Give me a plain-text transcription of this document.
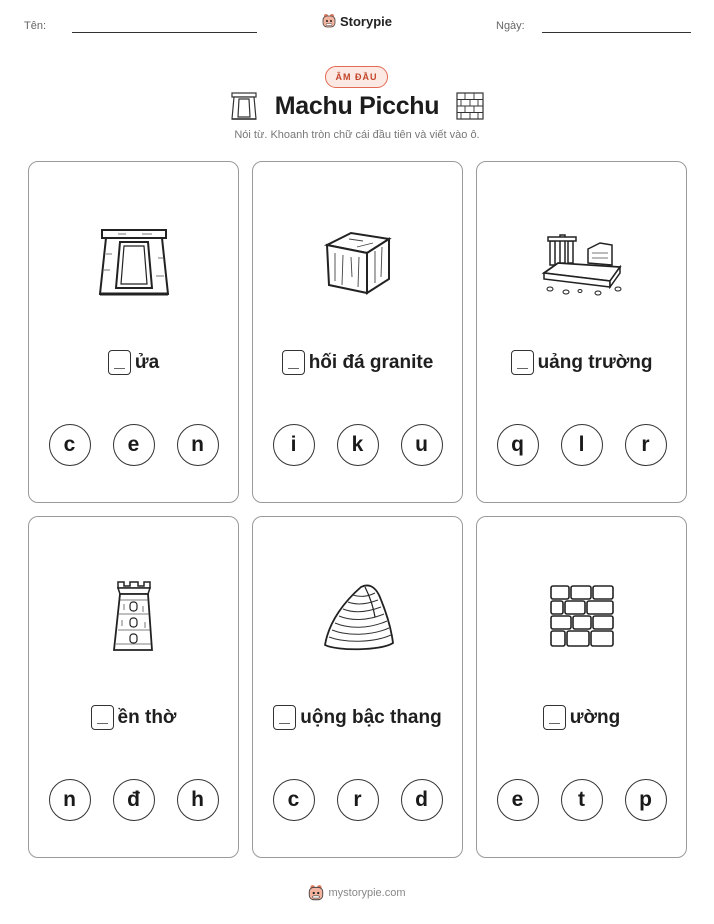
Tên:	Storypie	Ngày:
ÂM ĐẦU
Machu Picchu
Nói từ. Khoanh tròn chữ cái đầu tiên và viết vào ô.
ửa
c	e	n
hối đá granite
i	k	u
uảng trường
q	l	r
ền thờ
n	đ	h
uộng bậc thang
c	r	d
ường
e	t	p
mystorypie.com
